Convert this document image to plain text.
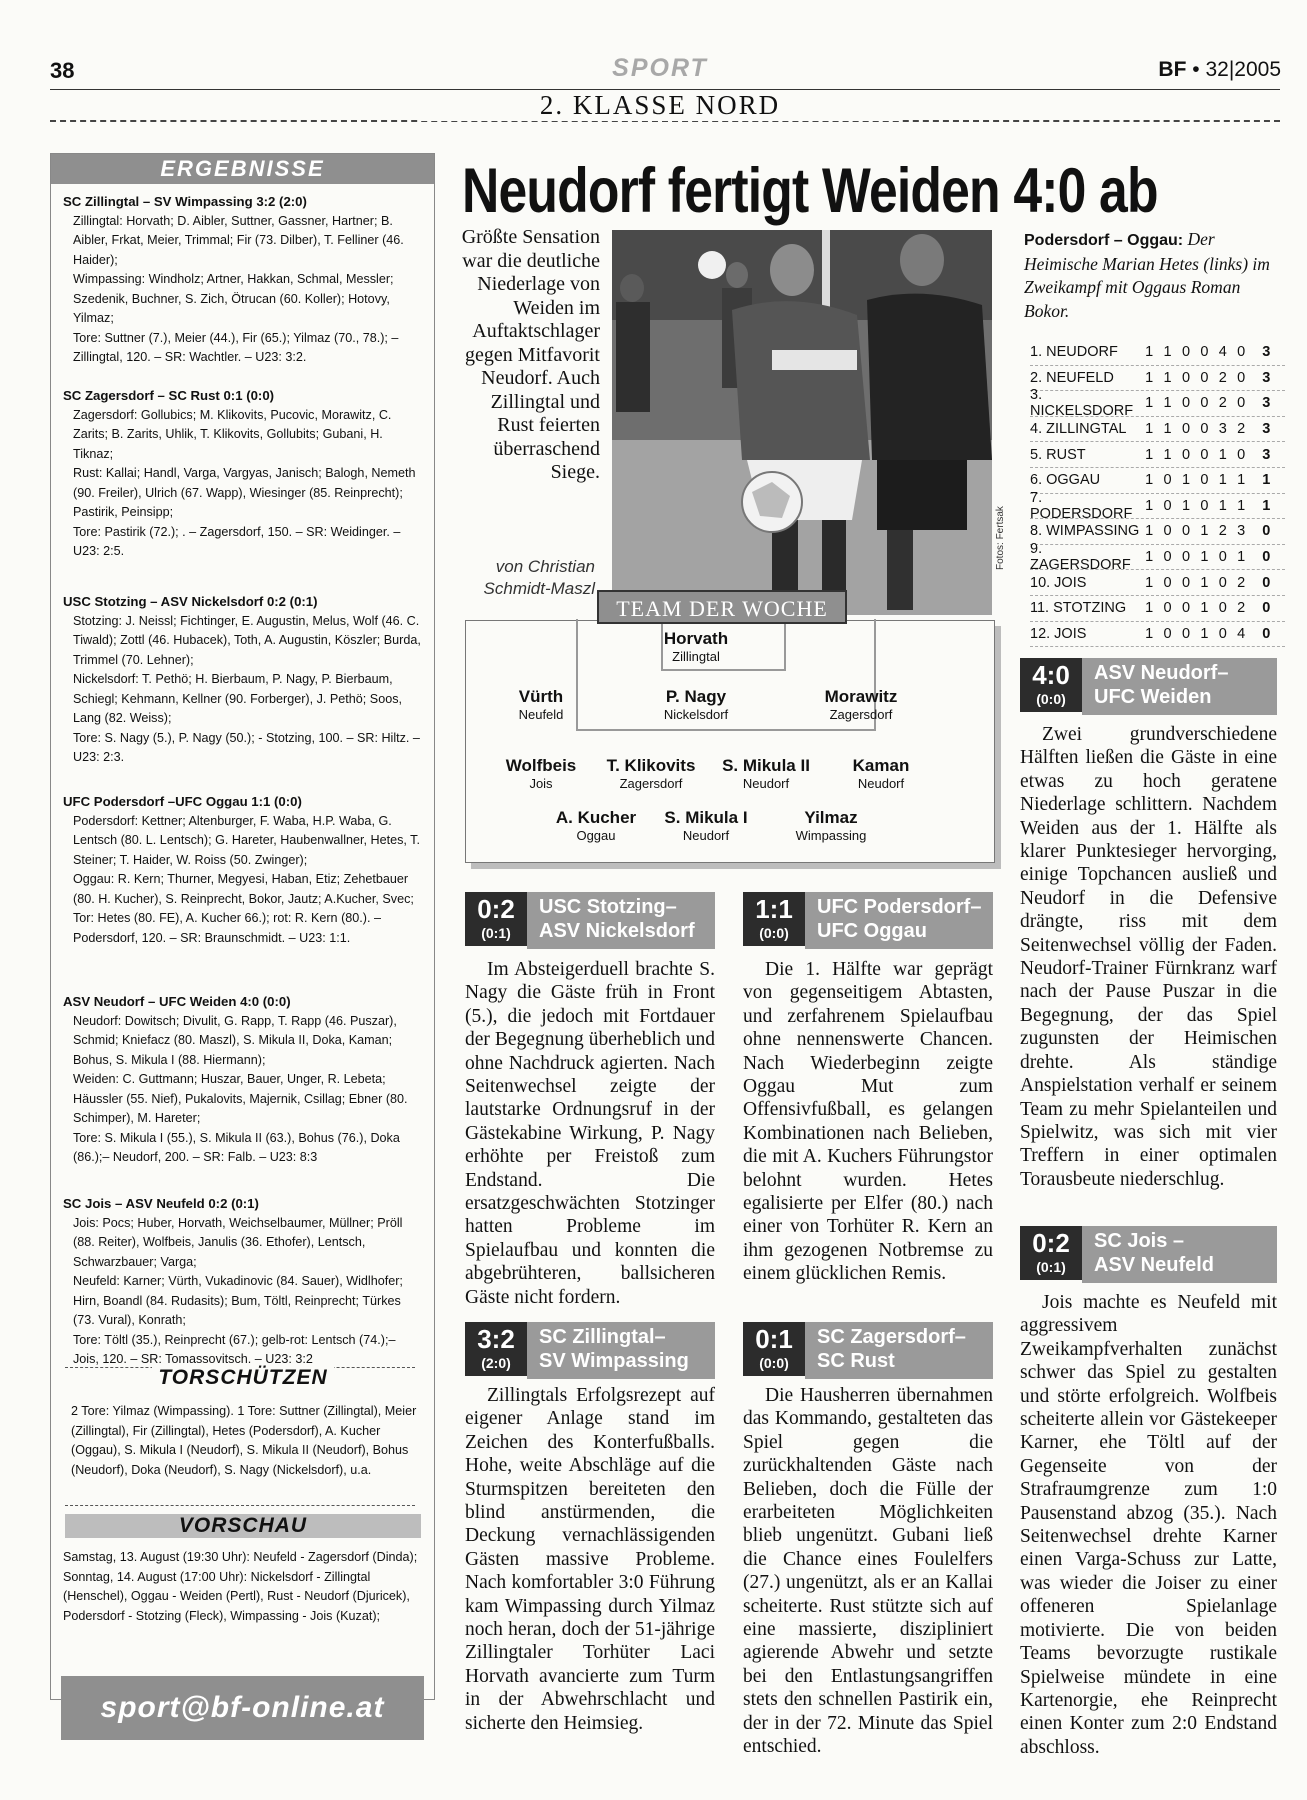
38	SPORT	BF • 32|2005
2. KLASSE NORD
ERGEBNISSE

SC Zillingtal – SV Wimpassing 3:2 (2:0)

Zillingtal: Horvath; D. Aibler, Suttner, Gassner, Hartner; B. Aibler, Frkat, Meier, Trimmal; Fir (73. Dilber), T. Felliner (46. Haider);

Wimpassing: Windholz; Artner, Hakkan, Schmal, Messler; Szedenik, Buchner, S. Zich, Ötrucan (60. Koller); Hotovy, Yilmaz;

Tore: Suttner (7.), Meier (44.), Fir (65.); Yilmaz (70., 78.); – Zillingtal, 120. – SR: Wachtler. – U23: 3:2.

SC Zagersdorf – SC Rust 0:1 (0:0)

Zagersdorf: Gollubics; M. Klikovits, Pucovic, Morawitz, C. Zarits; B. Zarits, Uhlik, T. Klikovits, Gollubits; Gubani, H. Tiknaz;

Rust: Kallai; Handl, Varga, Vargyas, Janisch; Balogh, Nemeth (90. Freiler), Ulrich (67. Wapp), Wiesinger (85. Reinprecht); Pastirik, Peinsipp;

Tore: Pastirik (72.); . – Zagersdorf, 150. – SR: Weidinger. – U23: 2:5.

USC Stotzing – ASV Nickelsdorf 0:2 (0:1)

Stotzing: J. Neissl; Fichtinger, E. Augustin, Melus, Wolf (46. C. Tiwald); Zottl (46. Hubacek), Toth, A. Augustin, Köszler; Burda, Trimmel (70. Lehner);

Nickelsdorf: T. Pethö; H. Bierbaum, P. Nagy, P. Bierbaum, Schiegl; Kehmann, Kellner (90. Forberger), J. Pethö; Soos, Lang (82. Weiss);

Tore: S. Nagy (5.), P. Nagy (50.); - Stotzing, 100. – SR: Hiltz. – U23: 2:3.

UFC Podersdorf –UFC Oggau 1:1 (0:0)

Podersdorf: Kettner; Altenburger, F. Waba, H.P. Waba, G. Lentsch (80. L. Lentsch); G. Hareter, Haubenwallner, Hetes, T. Steiner; T. Haider, W. Roiss (50. Zwinger);

Oggau: R. Kern; Thurner, Megyesi, Haban, Etiz; Zehetbauer (80. H. Kucher), S. Reinprecht, Bokor, Jautz; A.Kucher, Svec;

Tor: Hetes (80. FE), A. Kucher 66.); rot: R. Kern (80.). – Podersdorf, 120. – SR: Braunschmidt. – U23: 1:1.

ASV Neudorf – UFC Weiden 4:0 (0:0)

Neudorf: Dowitsch; Divulit, G. Rapp, T. Rapp (46. Puszar), Schmid; Kniefacz (80. Maszl), S. Mikula II, Doka, Kaman; Bohus, S. Mikula I (88. Hiermann);

Weiden: C. Guttmann; Huszar, Bauer, Unger, R. Lebeta; Häussler (55. Nief), Pukalovits, Majernik, Csillag; Ebner (80. Schimper), M. Hareter;

Tore: S. Mikula I (55.), S. Mikula II (63.), Bohus (76.), Doka (86.);– Neudorf, 200. – SR: Falb. – U23: 8:3

SC Jois – ASV Neufeld 0:2 (0:1)

Jois: Pocs; Huber, Horvath, Weichselbaumer, Müllner; Pröll (88. Reiter), Wolfbeis, Janulis (36. Ethofer), Lentsch, Schwarzbauer; Varga;

Neufeld: Karner; Vürth, Vukadinovic (84. Sauer), Widlhofer; Hirn, Boandl (84. Rudasits); Bum, Töltl, Reinprecht; Türkes (73. Vural), Konrath;

Tore: Töltl (35.), Reinprecht (67.); gelb-rot: Lentsch (74.);– Jois, 120. – SR: Tomassovitsch. – U23: 3:2

TORSCHÜTZEN
2 Tore: Yilmaz (Wimpassing). 1 Tore: Suttner (Zillingtal), Meier (Zillingtal), Fir (Zillingtal), Hetes (Podersdorf), A. Kucher (Oggau), S. Mikula I (Neudorf), S. Mikula II (Neudorf), Bohus (Neudorf), Doka (Neudorf), S. Nagy (Nickelsdorf), u.a.
VORSCHAU
Samstag, 13. August (19:30 Uhr): Neufeld - Zagersdorf (Dinda); Sonntag, 14. August (17:00 Uhr): Nickelsdorf - Zillingtal (Henschel), Oggau - Weiden (Pertl), Rust - Neudorf (Djuricek), Podersdorf - Stotzing (Fleck), Wimpassing - Jois (Kuzat);
sport@bf-online.at
Neudorf fertigt Weiden 4:0 ab
Größte Sensation war die deutliche Niederlage von Weiden im Auftaktschlager gegen Mitfavorit Neudorf. Auch Zillingtal und Rust feierten überraschend Siege.
von Christian Schmidt-Maszl
Fotos: Fertsak
Podersdorf – Oggau: Der Heimische Marian Hetes (links) im Zweikampf mit Oggaus Roman Bokor.
1. NEUDORF	1 1 0 0 4 0	3
2. NEUFELD	1 1 0 0 2 0	3
3. NICKELSDORF 1 1 0 0 2 0	3
4. ZILLINGTAL	1 1 0 0 3 2	3
5. RUST	1 1 0 0 1 0	3
6. OGGAU	1 0 1 0 1 1	1
7. PODERSDORF 1 0 1 0 1 1	1
8. WIMPASSING 1 0 0 1 2 3	0
9. ZAGERSDORF 1 0 0 1 0 1	0
10. JOIS	1 0 0 1 0 2	0
11. STOTZING	1 0 0 1 0 2	0
12. JOIS	1 0 0 1 0 4	0
Horvath
Zillingtal
Vürth
Neufeld
P. Nagy
Nickelsdorf
Morawitz
Zagersdorf
Wolfbeis
Jois
T. Klikovits
Zagersdorf
S. Mikula II
Neudorf
Kaman
Neudorf
A. Kucher
Oggau
S. Mikula I
Neudorf
Yilmaz
Wimpassing
TEAM DER WOCHE
0:2
(0:1)
USC Stotzing–
ASV Nickelsdorf

Im Absteigerduell brachte S. Nagy die Gäste früh in Front (5.), die jedoch mit Fortdauer der Begegnung überheblich und ohne Nachdruck agierten. Nach Seitenwechsel zeigte der lautstarke Ordnungsruf in der Gästekabine Wirkung, P. Nagy erhöhte per Freistoß zum Endstand. Die ersatzgeschwächten Stotzinger hatten Probleme im Spielaufbau und konnten die abgebrühteren, ballsicheren Gäste nicht fordern.

1:1
(0:0)
UFC Podersdorf–
UFC Oggau

Die 1. Hälfte war geprägt von gegenseitigem Abtasten, und zerfahrenem Spielaufbau ohne nennenswerte Chancen. Nach Wiederbeginn zeigte Oggau Mut zum Offensivfußball, es gelangen Kombinationen nach Belieben, die mit A. Kuchers Führungstor belohnt wurden. Hetes egalisierte per Elfer (80.) nach einer von Torhüter R. Kern an ihm gezogenen Notbremse zu einem glücklichen Remis.

4:0
(0:0)
ASV Neudorf–
UFC Weiden

Zwei grundverschiedene Hälften ließen die Gäste in eine etwas zu hoch geratene Niederlage schlittern. Nachdem Weiden aus der 1. Hälfte als klarer Punktesieger hervorging, einige Topchancen ausließ und Neudorf in die Defensive drängte, riss mit dem Seitenwechsel völlig der Faden. Neudorf-Trainer Fürnkranz warf nach der Pause Puszar in die Begegnung, der das Spiel zugunsten der Heimischen drehte. Als ständige Anspielstation verhalf er seinem Team zu mehr Spielanteilen und Spielwitz, was sich mit vier Treffern in einer optimalen Torausbeute niederschlug.

3:2
(2:0)
SC Zillingtal–
SV Wimpassing

Zillingtals Erfolgsrezept auf eigener Anlage stand im Zeichen des Konterfußballs. Hohe, weite Abschläge auf die Sturmspitzen bereiteten den blind anstürmenden, die Deckung vernachlässigenden Gästen massive Probleme. Nach komfortabler 3:0 Führung kam Wimpassing durch Yilmaz noch heran, doch der 51-jährige Zillingtaler Torhüter Laci Horvath avancierte zum Turm in der Abwehrschlacht und sicherte den Heimsieg.

0:1
(0:0)
SC Zagersdorf–
SC Rust

Die Hausherren übernahmen das Kommando, gestalteten das Spiel gegen die zurückhaltenden Gäste nach Belieben, doch die Fülle der erarbeiteten Möglichkeiten blieb ungenützt. Gubani ließ die Chance eines Foulelfers (27.) ungenützt, als er an Kallai scheiterte. Rust stützte sich auf eine massierte, diszipliniert agierende Abwehr und setzte bei den Entlastungsangriffen stets den schnellen Pastirik ein, der in der 72. Minute das Spiel entschied.

0:2
(0:1)
SC Jois –
ASV Neufeld

Jois machte es Neufeld mit aggressivem Zweikampfverhalten zunächst schwer das Spiel zu gestalten und störte erfolgreich. Wolfbeis scheiterte allein vor Gästekeeper Karner, ehe Töltl auf der Gegenseite von der Strafraumgrenze zum 1:0 Pausenstand abzog (35.). Nach Seitenwechsel drehte Karner einen Varga-Schuss zur Latte, was wieder die Joiser zu einer offeneren Spielanlage motivierte. Die von beiden Teams bevorzugte rustikale Spielweise mündete in eine Kartenorgie, ehe Reinprecht einen Konter zum 2:0 Endstand abschloss.
